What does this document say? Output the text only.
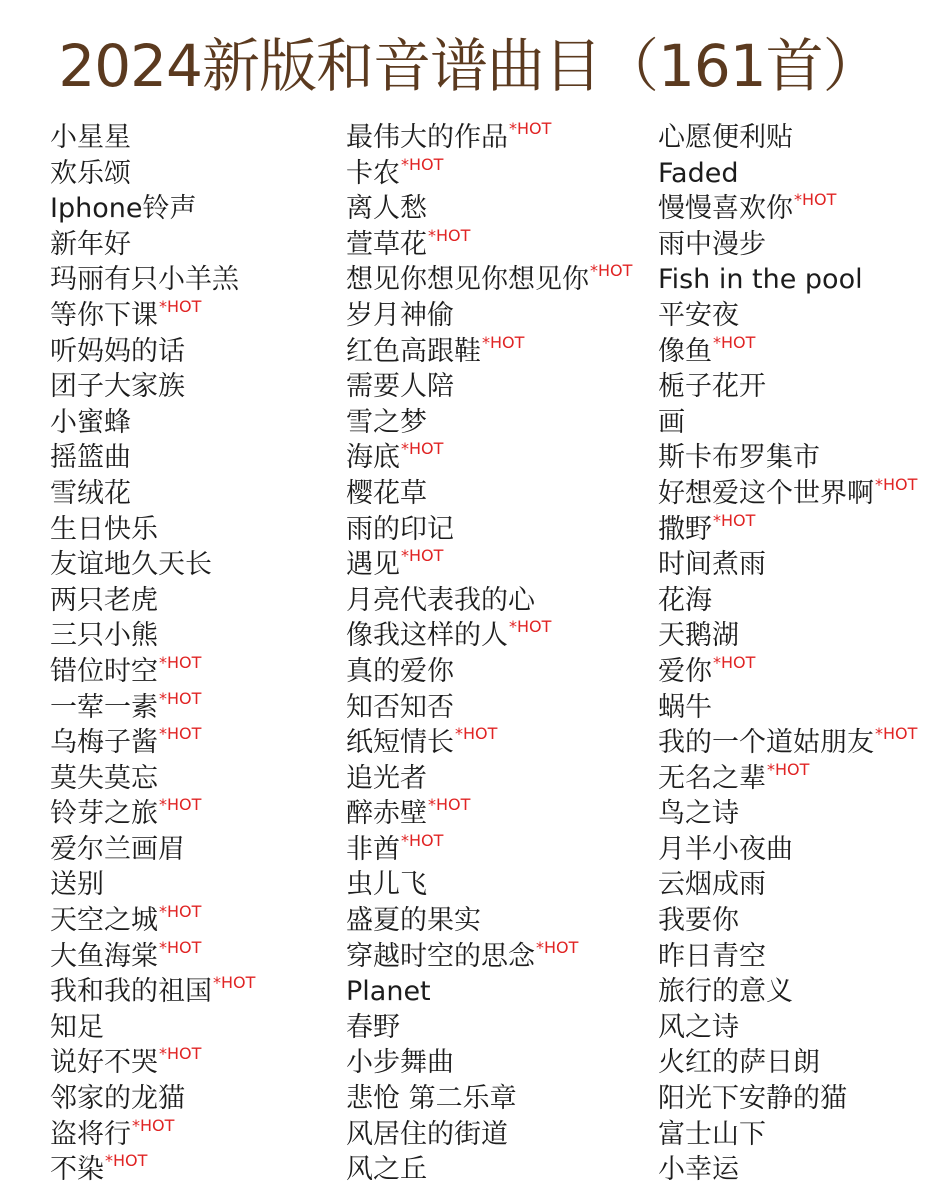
2024新版和音谱曲目（161首）
小星星
欢乐颂
Iphone铃声
新年好
玛丽有只小羊羔
等你下课$^{*HOT}$
听妈妈的话
团子大家族
小蜜蜂
摇篮曲
雪绒花
生日快乐
友谊地久天长
两只老虎
三只小熊
错位时空$^{*HOT}$
一荤一素$^{*HOT}$
乌梅子酱$^{*HOT}$
莫失莫忘
铃芽之旅$^{*HOT}$
爱尔兰画眉
送别
天空之城$^{*HOT}$
大鱼海棠$^{*HOT}$
我和我的祖国$^{*HOT}$
知足
说好不哭$^{*HOT}$
邻家的龙猫
盗将行$^{*HOT}$
不染$^{*HOT}$
最伟大的作品$^{*HOT}$
卡农$^{*HOT}$
离人愁
萱草花$^{*HOT}$
想见你想见你想见你$^{*HOT}$
岁月神偷
红色高跟鞋$^{*HOT}$
需要人陪
雪之梦
海底$^{*HOT}$
樱花草
雨的印记
遇见$^{*HOT}$
月亮代表我的心
像我这样的人$^{*HOT}$
真的爱你
知否知否
纸短情长$^{*HOT}$
追光者
醉赤壁$^{*HOT}$
非酋$^{*HOT}$
虫儿飞
盛夏的果实
穿越时空的思念$^{*HOT}$
Planet
春野
小步舞曲
悲怆 第二乐章
风居住的街道
风之丘
心愿便利贴
Faded
慢慢喜欢你$^{*HOT}$
雨中漫步
Fish in the pool
平安夜
像鱼$^{*HOT}$
栀子花开
画
斯卡布罗集市
好想爱这个世界啊$^{*HOT}$
撒野$^{*HOT}$
时间煮雨
花海
天鹅湖
爱你$^{*HOT}$
蜗牛
我的一个道姑朋友$^{*HOT}$
无名之辈$^{*HOT}$
鸟之诗
月半小夜曲
云烟成雨
我要你
昨日青空
旅行的意义
风之诗
火红的萨日朗
阳光下安静的猫
富士山下
小幸运
